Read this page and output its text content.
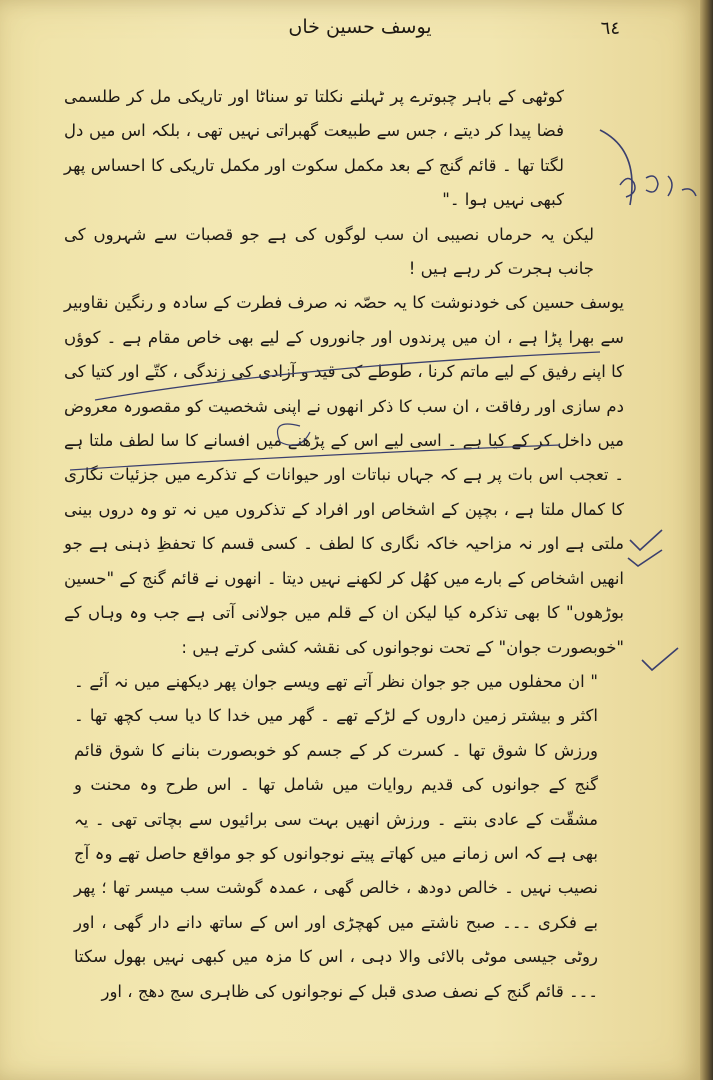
یوسف حسین خاں	٦٤

کوٹھی کے باہر چبوترے پر ٹہلنے نکلتا تو سناٹا اور تاریکی مل کر طلسمی فضا پیدا کر دیتے ، جس سے طبیعت گھبراتی نہیں تھی ، بلکہ اس میں دل لگتا تھا ۔ قائم گنج کے بعد مکمل سکوت اور مکمل تاریکی کا احساس پھر کبھی نہیں ہوا ۔"

لیکن یہ حرماں نصیبی ان سب لوگوں کی ہے جو قصبات سے شہروں کی جانب ہجرت کر رہے ہیں !

یوسف حسین کی خودنوشت کا یہ حصّہ نہ صرف فطرت کے سادہ و رنگین نقاوبیر سے بھرا پڑا ہے ، ان میں پرندوں اور جانوروں کے لیے بھی خاص مقام ہے ۔ کوؤں کا اپنے رفیق کے لیے ماتم کرنا ، طوطے کی قید و آزادی کی زندگی ، کتّے اور کتیا کی دم سازی اور رفاقت ، ان سب کا ذکر انھوں نے اپنی شخصیت کو مقصورہ معروض میں داخل کر کے کیا ہے ۔ اسی لیے اس کے پڑھنے میں افسانے کا سا لطف ملتا ہے ۔ تعجب اس بات پر ہے کہ جہاں نباتات اور حیوانات کے تذکرے میں جزئیات نگاری کا کمال ملتا ہے ، بچپن کے اشخاص اور افراد کے تذکروں میں نہ تو وہ دروں بینی ملتی ہے اور نہ مزاحیہ خاکہ نگاری کا لطف ۔ کسی قسم کا تحفظِ ذہنی ہے جو انھیں اشخاص کے بارے میں کھُل کر لکھنے نہیں دیتا ۔ انھوں نے قائم گنج کے "حسین بوڑھوں" کا بھی تذکرہ کیا لیکن ان کے قلم میں جولانی آتی ہے جب وہ وہاں کے "خوبصورت جوان" کے تحت نوجوانوں کی نقشہ کشی کرتے ہیں :

" ان محفلوں میں جو جوان نظر آتے تھے ویسے جوان پھر دیکھنے میں نہ آئے ۔ اکثر و بیشتر زمین داروں کے لڑکے تھے ۔ گھر میں خدا کا دیا سب کچھ تھا ۔ ورزش کا شوق تھا ۔ کسرت کر کے جسم کو خوبصورت بنانے کا شوق قائم گنج کے جوانوں کی قدیم روایات میں شامل تھا ۔ اس طرح وہ محنت و مشقّت کے عادی بنتے ۔ ورزش انھیں بہت سی برائیوں سے بچاتی تھی ۔ یہ بھی ہے کہ اس زمانے میں کھاتے پیتے نوجوانوں کو جو مواقع حاصل تھے وہ آج نصیب نہیں ۔ خالص دودھ ، خالص گھی ، عمدہ گوشت سب میسر تھا ؛ پھر بے فکری ۔۔۔ صبح ناشتے میں کھچڑی اور اس کے ساتھ دانے دار گھی ، اور روٹی جیسی موٹی بالائی والا دہی ، اس کا مزہ میں کبھی نہیں بھول سکتا ۔۔۔ قائم گنج کے نصف صدی قبل کے نوجوانوں کی ظاہری سج دھج ، اور
